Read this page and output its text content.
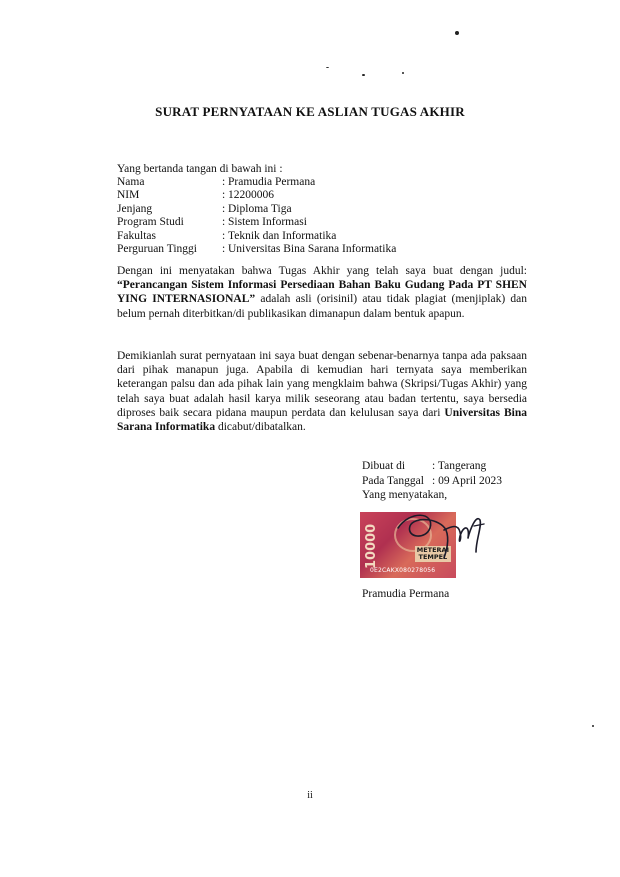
SURAT PERNYATAAN KE ASLIAN TUGAS AKHIR
Yang bertanda tangan di bawah ini :
Nama	: Pramudia Permana
NIM	: 12200006
Jenjang	: Diploma Tiga
Program Studi	: Sistem Informasi
Fakultas	: Teknik dan Informatika
Perguruan Tinggi	: Universitas Bina Sarana Informatika
Dengan ini menyatakan bahwa Tugas Akhir yang telah saya buat dengan judul: “Perancangan Sistem Informasi Persediaan Bahan Baku Gudang Pada PT SHEN YING INTERNASIONAL” adalah asli (orisinil) atau tidak plagiat (menjiplak) dan belum pernah diterbitkan/di publikasikan dimanapun dalam bentuk apapun.
Demikianlah surat pernyataan ini saya buat dengan sebenar-benarnya tanpa ada paksaan dari pihak manapun juga. Apabila di kemudian hari ternyata saya memberikan keterangan palsu dan ada pihak lain yang mengklaim bahwa (Skripsi/Tugas Akhir) yang telah saya buat adalah hasil karya milik seseorang atau badan tertentu, saya bersedia diproses baik secara pidana maupun perdata dan kelulusan saya dari Universitas Bina Sarana Informatika dicabut/dibatalkan.
Dibuat di	: Tangerang
Pada Tanggal : 09 April 2023
Yang menyatakan,
10000	METERAI
TEMPEL
0E2CAKX080278056
Pramudia Permana
ii
